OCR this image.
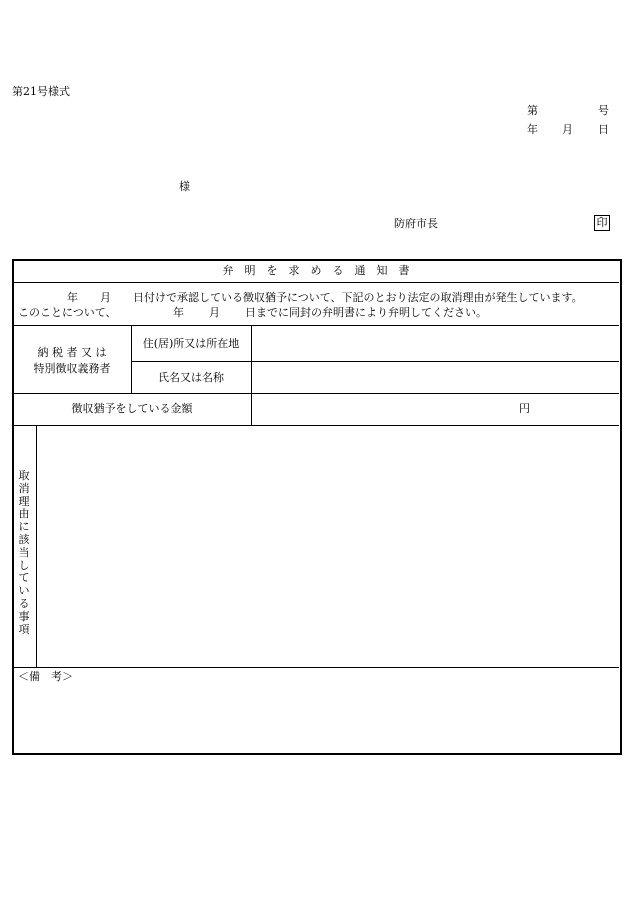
第21号様式
第	号
年 月 日
様
防府市長	印
弁　明　を　求　め　る　通　知　書
年　　月　　日付けで承認している徴収猶予について、下記のとおり法定の取消理由が発生しています。
このことについて、	年 月 日までに同封の弁明書により弁明してください。
納 税 者 又 は
特別徴収義務者
住(居)所又は所在地
氏名又は名称
徴収猶予をしている金額	円
取消理由に該当している事項
＜備　考＞
